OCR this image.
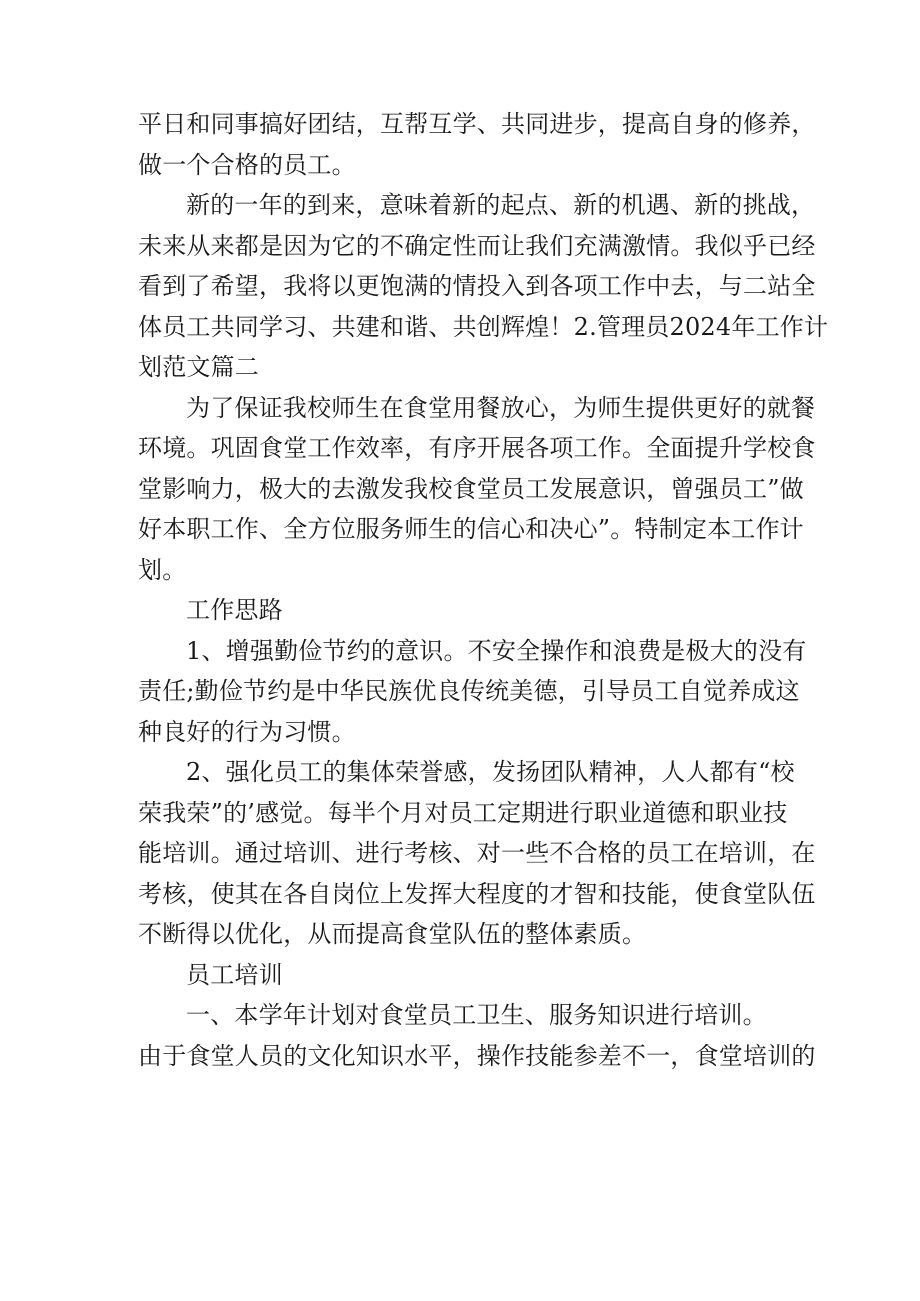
平日和同事搞好团结，互帮互学、共同进步，提高自身的修养，
做一个合格的员工。
新的一年的到来，意味着新的起点、新的机遇、新的挑战，
未来从来都是因为它的不确定性而让我们充满激情。我似乎已经
看到了希望，我将以更饱满的情投入到各项工作中去，与二站全
体员工共同学习、共建和谐、共创辉煌！2.管理员2024年工作计
划范文篇二
为了保证我校师生在食堂用餐放心，为师生提供更好的就餐
环境。巩固食堂工作效率，有序开展各项工作。全面提升学校食
堂影响力，极大的去激发我校食堂员工发展意识，曾强员工”做
好本职工作、全方位服务师生的信心和决心”。特制定本工作计
划。
工作思路
1、增强勤俭节约的意识。不安全操作和浪费是极大的没有
责任;勤俭节约是中华民族优良传统美德，引导员工自觉养成这
种良好的行为习惯。
2、强化员工的集体荣誉感，发扬团队精神，人人都有“校
荣我荣”的’感觉。每半个月对员工定期进行职业道德和职业技
能培训。通过培训、进行考核、对一些不合格的员工在培训，在
考核，使其在各自岗位上发挥大程度的才智和技能，使食堂队伍
不断得以优化，从而提高食堂队伍的整体素质。
员工培训
一、本学年计划对食堂员工卫生、服务知识进行培训。
由于食堂人员的文化知识水平，操作技能参差不一，食堂培训的
